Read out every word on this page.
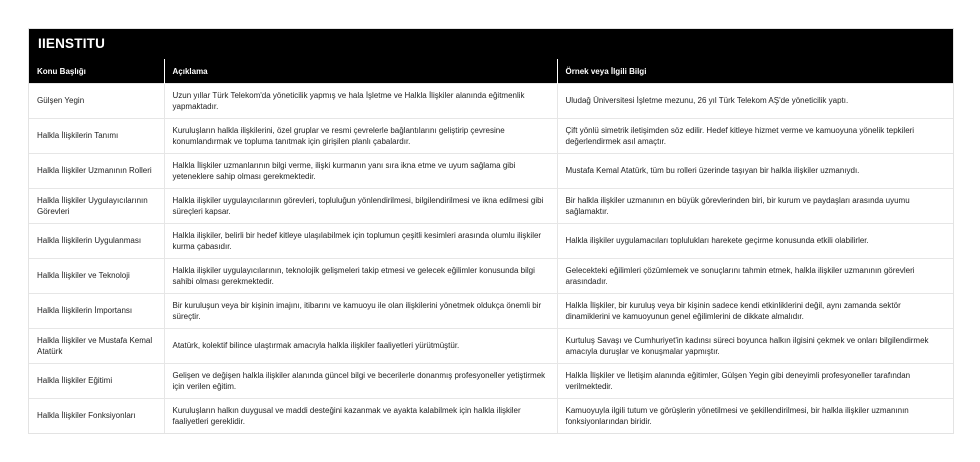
IIENSTITU
Konu Başlığı	Açıklama	Örnek veya İlgili Bilgi
Gülşen Yegin	Uzun yıllar Türk Telekom'da yöneticilik yapmış ve hala İşletme ve Halkla İlişkiler alanında eğitmenlik yapmaktadır.	Uludağ Üniversitesi İşletme mezunu, 26 yıl Türk Telekom AŞ'de yöneticilik yaptı.
Halkla İlişkilerin Tanımı	Kuruluşların halkla ilişkilerini, özel gruplar ve resmi çevrelerle bağlantılarını geliştirip çevresine konumlandırmak ve topluma tanıtmak için girişilen planlı çabalardır.	Çift yönlü simetrik iletişimden söz edilir. Hedef kitleye hizmet verme ve kamuoyuna yönelik tepkileri değerlendirmek asıl amaçtır.
Halkla İlişkiler Uzmanının Rolleri	Halkla İlişkiler uzmanlarının bilgi verme, ilişki kurmanın yanı sıra ikna etme ve uyum sağlama gibi yeteneklere sahip olması gerekmektedir.	Mustafa Kemal Atatürk, tüm bu rolleri üzerinde taşıyan bir halkla ilişkiler uzmanıydı.
Halkla İlişkiler Uygulayıcılarının Görevleri	Halkla ilişkiler uygulayıcılarının görevleri, topluluğun yönlendirilmesi, bilgilendirilmesi ve ikna edilmesi gibi süreçleri kapsar.	Bir halkla ilişkiler uzmanının en büyük görevlerinden biri, bir kurum ve paydaşları arasında uyumu sağlamaktır.
Halkla İlişkilerin Uygulanması	Halkla ilişkiler, belirli bir hedef kitleye ulaşılabilmek için toplumun çeşitli kesimleri arasında olumlu ilişkiler kurma çabasıdır.	Halkla ilişkiler uygulamacıları toplulukları harekete geçirme konusunda etkili olabilirler.
Halkla İlişkiler ve Teknoloji	Halkla ilişkiler uygulayıcılarının, teknolojik gelişmeleri takip etmesi ve gelecek eğilimler konusunda bilgi sahibi olması gerekmektedir.	Gelecekteki eğilimleri çözümlemek ve sonuçlarını tahmin etmek, halkla ilişkiler uzmanının görevleri arasındadır.
Halkla İlişkilerin İmportansı	Bir kuruluşun veya bir kişinin imajını, itibarını ve kamuoyu ile olan ilişkilerini yönetmek oldukça önemli bir süreçtir.	Halkla İlişkiler, bir kuruluş veya bir kişinin sadece kendi etkinliklerini değil, aynı zamanda sektör dinamiklerini ve kamuoyunun genel eğilimlerini de dikkate almalıdır.
Halkla İlişkiler ve Mustafa Kemal Atatürk	Atatürk, kolektif bilince ulaştırmak amacıyla halkla ilişkiler faaliyetleri yürütmüştür.	Kurtuluş Savaşı ve Cumhuriyet'in kadınsı süreci boyunca halkın ilgisini çekmek ve onları bilgilendirmek amacıyla duruşlar ve konuşmalar yapmıştır.
Halkla İlişkiler Eğitimi	Gelişen ve değişen halkla ilişkiler alanında güncel bilgi ve becerilerle donanmış profesyoneller yetiştirmek için verilen eğitim.	Halkla İlişkiler ve İletişim alanında eğitimler, Gülşen Yegin gibi deneyimli profesyoneller tarafından verilmektedir.
Halkla İlişkiler Fonksiyonları	Kuruluşların halkın duygusal ve maddi desteğini kazanmak ve ayakta kalabilmek için halkla ilişkiler faaliyetleri gereklidir.	Kamuoyuyla ilgili tutum ve görüşlerin yönetilmesi ve şekillendirilmesi, bir halkla ilişkiler uzmanının fonksiyonlarından biridir.
